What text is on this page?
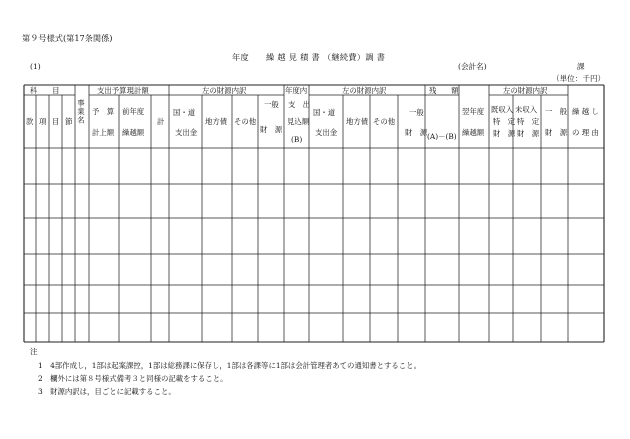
第９号様式(第17条関係)
年度　　繰 越 見 積 書 （継続費）調 書
(1)	(会計名)	課
（単位：千円）
科　　目
款 項 目 節 事業名
支出予算現計額
予　算
計上額
前年度
繰越額
計
左の財源内訳
国・道
支出金
地方債 その他
一般
財　源
年度内
支　出
見込額
(B)
左の財源内訳
国・道
支出金
地方債 その他
一般
財　源
残　　額
(A)－(B)
翌年度
繰越額
左の財源内訳
既収入
特　定
財　源
未収入
特　定
財　源
一　般
財　源
繰 越 し
の 理 由
注
1　4部作成し，1部は起案課控，1部は総務課に保存し，1部は各課等に1部は会計管理者あての通知書とすること。
2　欄外には第８号様式備考３と同様の記載をすること。
3　財源内訳は，目ごとに記載すること。
